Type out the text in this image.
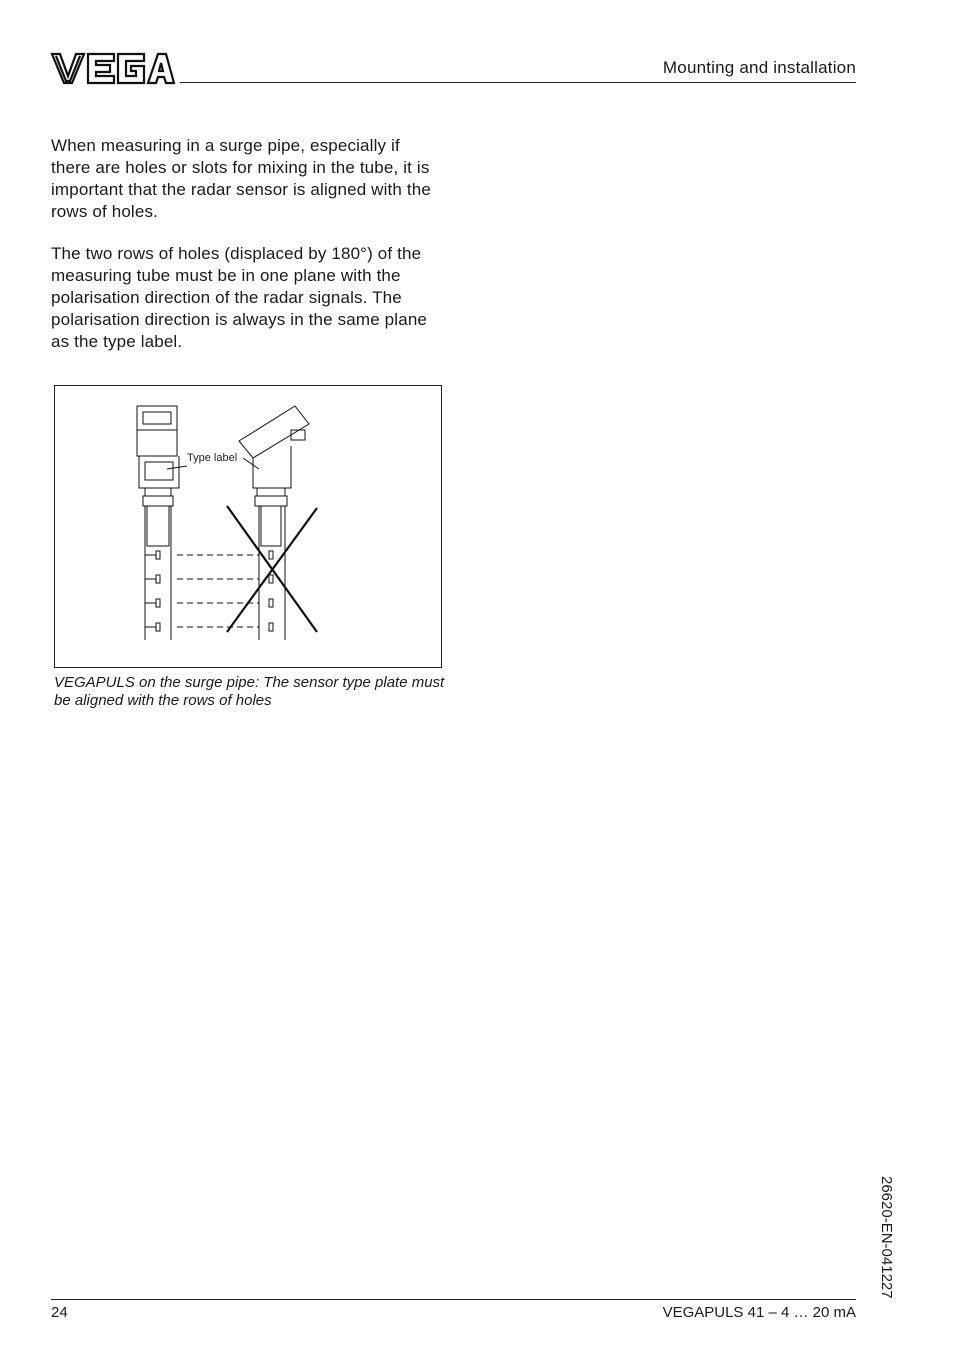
Mounting and installation

When measuring in a surge pipe, especially if there are holes or slots for mixing in the tube, it is important that the radar sensor is aligned with the rows of holes.

The two rows of holes (displaced by 180°) of the measuring tube must be in one plane with the polarisation direction of the radar signals. The polarisation direction is always in the same plane as the type label.

Type label

VEGAPULS on the surge pipe: The sensor type plate must be aligned with the rows of holes

24	VEGAPULS 41 – 4 … 20 mA
26620-EN-041227
